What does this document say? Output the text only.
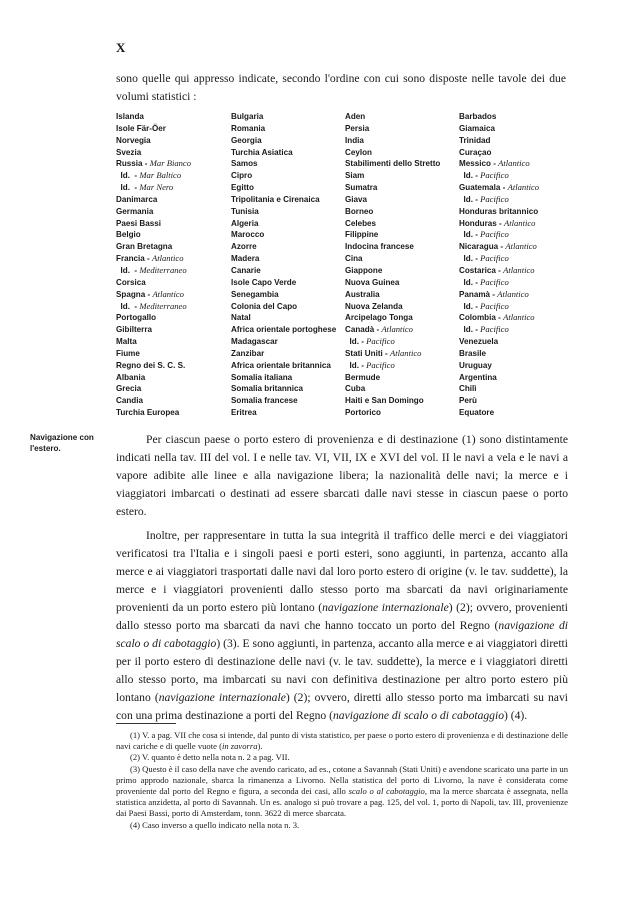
X
sono quelle qui appresso indicate, secondo l'ordine con cui sono disposte nelle tavole dei due volumi statistici :
Islanda
Isole Fär-Öer
Norvegia
Svezia
Russia - Mar Bianco
Id.  - Mar Baltico
Id.  - Mar Nero
Danimarca
Germania
Paesi Bassi
Belgio
Gran Bretagna
Francia - Atlantico
Id.  - Mediterraneo
Corsica
Spagna - Atlantico
Id.  - Mediterraneo
Portogallo
Gibilterra
Malta
Fiume
Regno dei S. C. S.
Albania
Grecia
Candia
Turchia Europea
Bulgaria
Romania
Georgia
Turchia Asiatica
Samos
Cipro
Egitto
Tripolitania e Cirenaica
Tunisia
Algeria
Marocco
Azorre
Madera
Canarie
Isole Capo Verde
Senegambia
Colonia del Capo
Natal
Africa orientale portoghese
Madagascar
Zanzibar
Africa orientale britannica
Somalia italiana
Somalia britannica
Somalia francese
Eritrea
Aden
Persia
India
Ceylon
Stabilimenti dello Stretto
Siam
Sumatra
Giava
Borneo
Celebes
Filippine
Indocina francese
Cina
Giappone
Nuova Guinea
Australia
Nuova Zelanda
Arcipelago Tonga
Canadà - Atlantico
Id. - Pacifico
Stati Uniti - Atlantico
Id. - Pacifico
Bermude
Cuba
Haiti e San Domingo
Portorico
Barbados
Giamaica
Trinidad
Curaçao
Messico - Atlantico
Id. - Pacifico
Guatemala - Atlantico
Id. - Pacifico
Honduras britannico
Honduras - Atlantico
Id. - Pacifico
Nicaragua - Atlantico
Id. - Pacifico
Costarica - Atlantico
Id. - Pacifico
Panamà - Atlantico
Id. - Pacifico
Colombia - Atlantico
Id. - Pacifico
Venezuela
Brasile
Uruguay
Argentina
Chilì
Perù
Equatore
Navigazione con l'estero.

Per ciascun paese o porto estero di provenienza e di destinazione (1) sono distintamente indicati nella tav. III del vol. I e nelle tav. VI, VII, IX e XVI del vol. II le navi a vela e le navi a vapore adibite alle linee e alla navigazione libera; la nazionalità delle navi; la merce e i viaggiatori imbarcati o destinati ad essere sbarcati dalle navi stesse in ciascun paese o porto estero.

Inoltre, per rappresentare in tutta la sua integrità il traffico delle merci e dei viaggiatori verificatosi tra l'Italia e i singoli paesi e porti esteri, sono aggiunti, in partenza, accanto alla merce e ai viaggiatori trasportati dalle navi dal loro porto estero di origine (v. le tav. suddette), la merce e i viaggiatori provenienti dallo stesso porto ma sbarcati da navi originariamente provenienti da un porto estero più lontano (navigazione internazionale) (2); ovvero, provenienti dallo stesso porto ma sbarcati da navi che hanno toccato un porto del Regno (navigazione di scalo o di cabotaggio) (3). E sono aggiunti, in partenza, accanto alla merce e ai viaggiatori diretti per il porto estero di destinazione delle navi (v. le tav. suddette), la merce e i viaggiatori diretti allo stesso porto, ma imbarcati su navi con definitiva destinazione per altro porto estero più lontano (navigazione internazionale) (2); ovvero, diretti allo stesso porto ma imbarcati su navi con una prima destinazione a porti del Regno (navigazione di scalo o di cabotaggio) (4).

(1) V. a pag. VII che cosa si intende, dal punto di vista statistico, per paese o porto estero di provenienza e di destinazione delle navi cariche e di quelle vuote (in zavorra).

(2) V. quanto è detto nella nota n. 2 a pag. VII.

(3) Questo è il caso della nave che avendo caricato, ad es., cotone a Savannah (Stati Uniti) e avendone scaricato una parte in un primo approdo nazionale, sbarca la rimanenza a Livorno. Nella statistica del porto di Livorno, la nave è considerata come proveniente dal porto del Regno e figura, a seconda dei casi, allo scalo o al cabotaggio, ma la merce sbarcata è assegnata, nella statistica anzidetta, al porto di Savannah. Un es. analogo si può trovare a pag. 125, del vol. 1, porto di Napoli, tav. III, provenienze dai Paesi Bassi, porto di Amsterdam, tonn. 3622 di merce sbarcata.

(4) Caso inverso a quello indicato nella nota n. 3.
